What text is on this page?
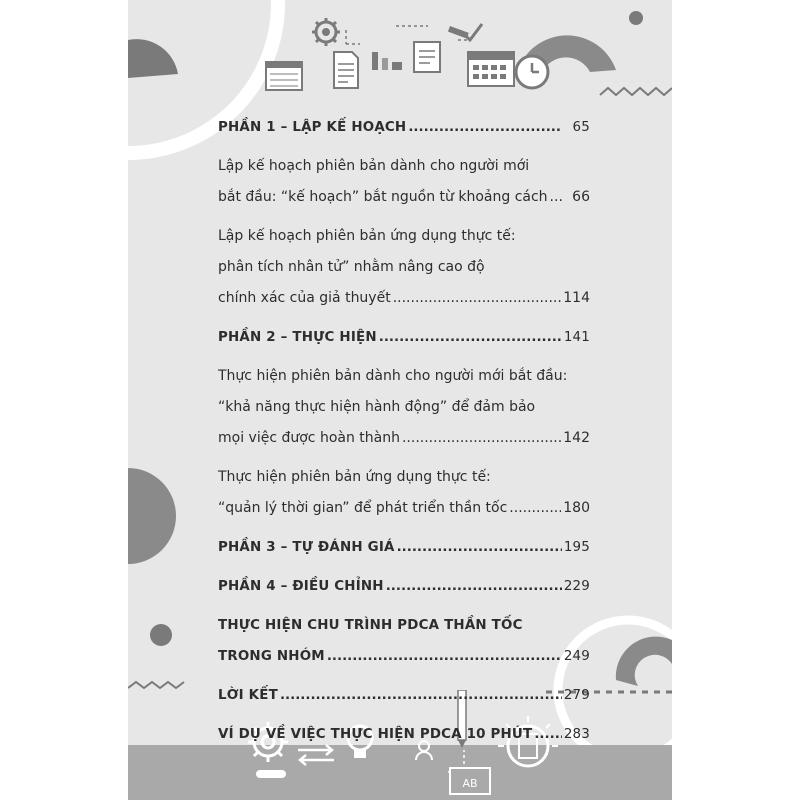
AB
PHẦN 1 – LẬP KẾ HOẠCH .....	65
Lập kế hoạch phiên bản dành cho người mới
bắt đầu: “kế hoạch” bắt nguồn từ khoảng cách .....	66
Lập kế hoạch phiên bản ứng dụng thực tế:
phân tích nhân tử” nhằm nâng cao độ
chính xác của giả thuyết .....	114
PHẦN 2 – THỰC HIỆN .....	141
Thực hiện phiên bản dành cho người mới bắt đầu:
“khả năng thực hiện hành động” để đảm bảo
mọi việc được hoàn thành .....	142
Thực hiện phiên bản ứng dụng thực tế:
“quản lý thời gian” để phát triển thần tốc .....	180
PHẦN 3 – TỰ ĐÁNH GIÁ .....	195
PHẦN 4 – ĐIỀU CHỈNH .....	229
THỰC HIỆN CHU TRÌNH PDCA THẦN TỐC
TRONG NHÓM .....	249
LỜI KẾT .....	279
VÍ DỤ VỀ VIỆC THỰC HIỆN PDCA 10 PHÚT ..... 283
